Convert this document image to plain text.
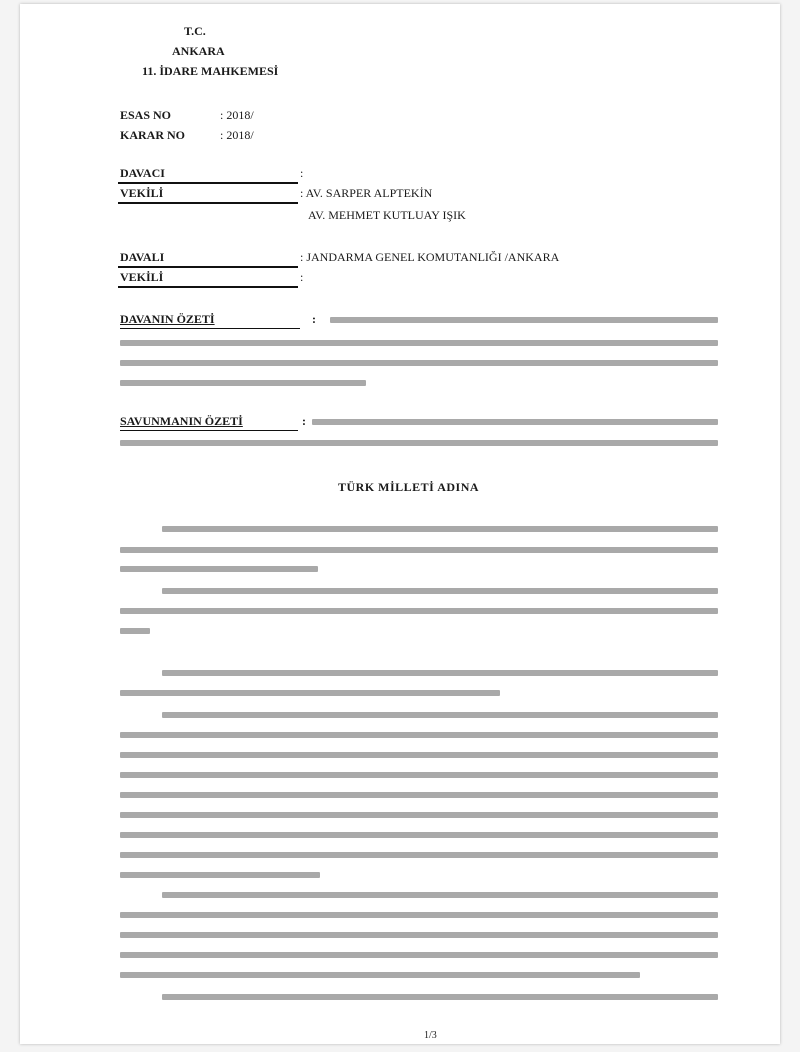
T.C.
ANKARA
11. İDARE MAHKEMESİ
ESAS NO	: 2018/
KARAR NO	: 2018/
DAVACI	:
VEKİLİ	: AV. SARPER ALPTEKİN
AV. MEHMET KUTLUAY IŞIK
DAVALI	: JANDARMA GENEL KOMUTANLIĞI /ANKARA
VEKİLİ	:
DAVANIN ÖZETİ	:
SAVUNMANIN ÖZETİ	:
TÜRK MİLLETİ ADINA
1/3
